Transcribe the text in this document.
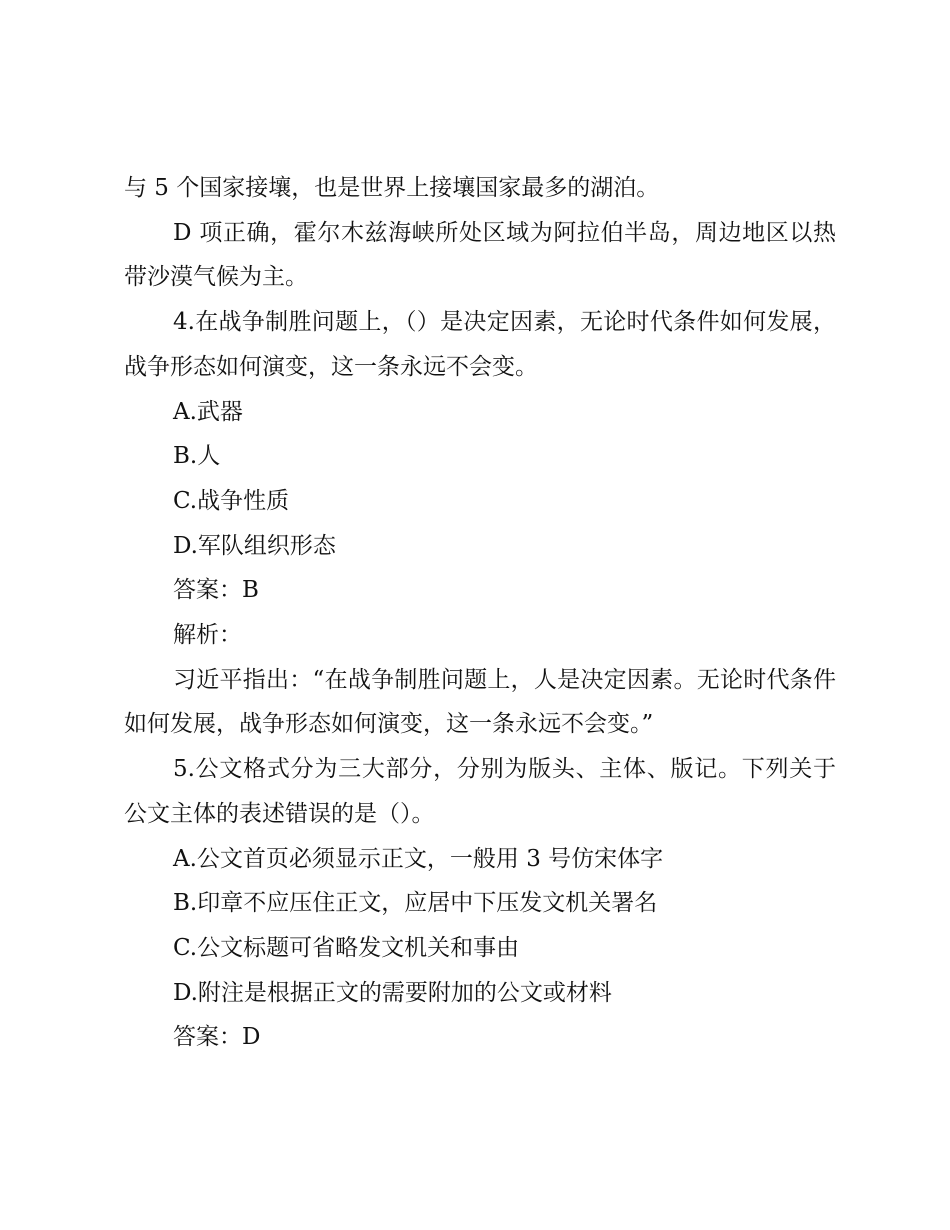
与 5 个国家接壤，也是世界上接壤国家最多的湖泊。

D 项正确，霍尔木兹海峡所处区域为阿拉伯半岛，周边地区以热带沙漠气候为主。

4.在战争制胜问题上，（）是决定因素，无论时代条件如何发展，战争形态如何演变，这一条永远不会变。

A.武器

B.人

C.战争性质

D.军队组织形态

答案：B

解析：

习近平指出：“在战争制胜问题上，人是决定因素。无论时代条件如何发展，战争形态如何演变，这一条永远不会变。”

5.公文格式分为三大部分，分别为版头、主体、版记。下列关于公文主体的表述错误的是（）。

A.公文首页必须显示正文，一般用 3 号仿宋体字

B.印章不应压住正文，应居中下压发文机关署名

C.公文标题可省略发文机关和事由

D.附注是根据正文的需要附加的公文或材料

答案：D
